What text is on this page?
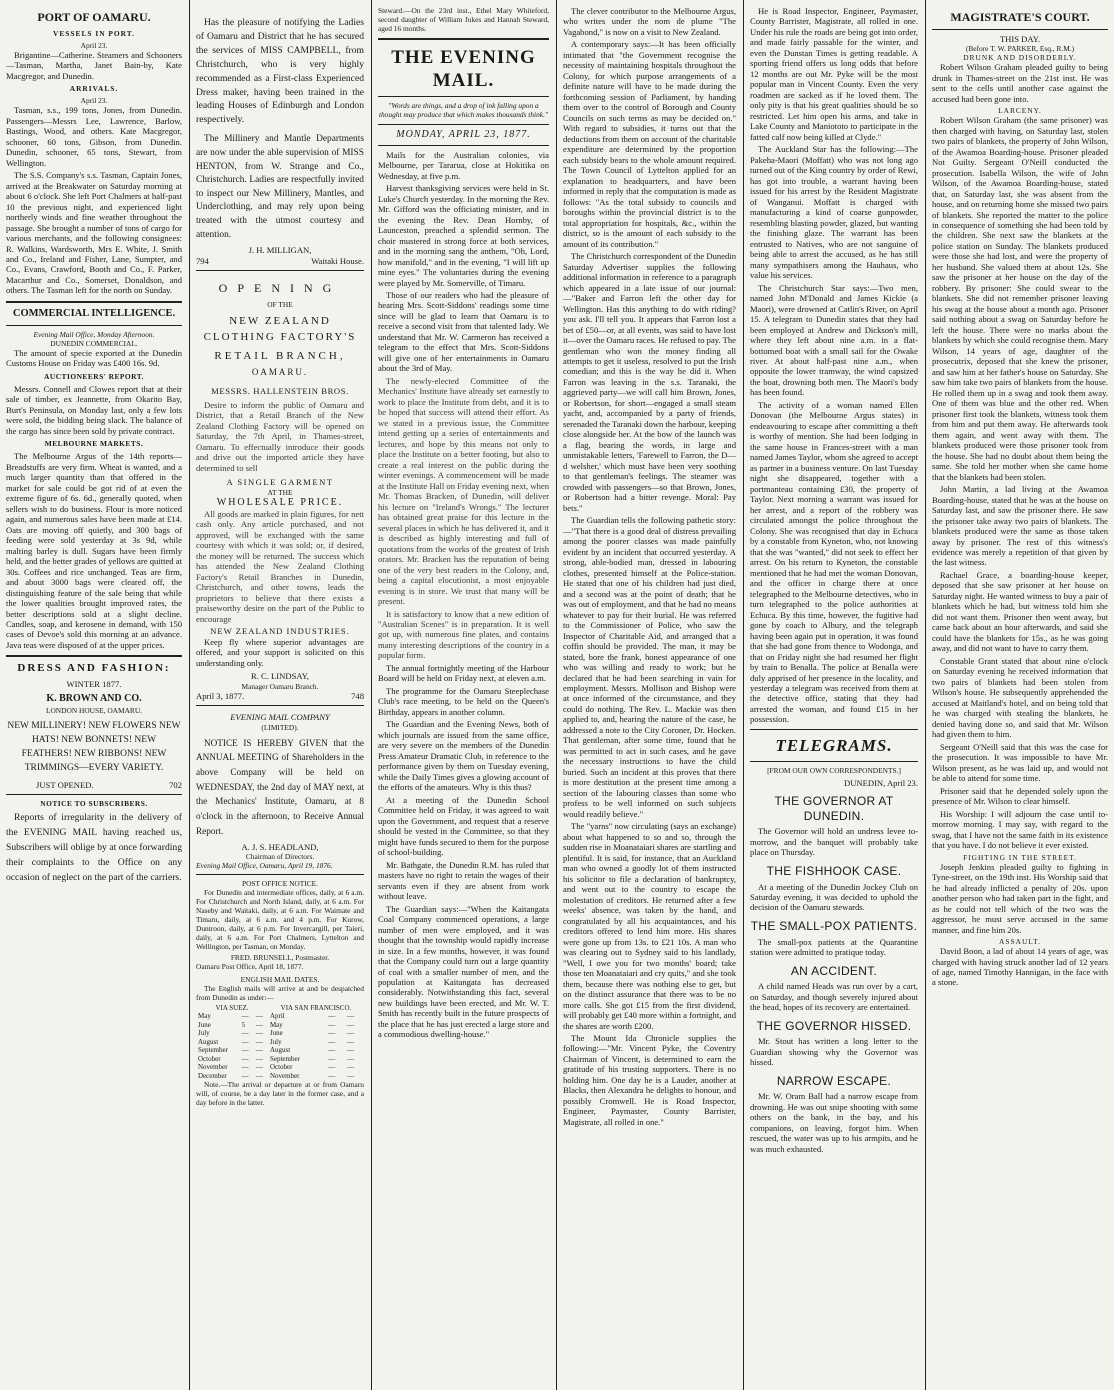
PORT OF OAMARU.
VESSELS IN PORT.
April 23.

Brigantine—Catherine. Steamers and Schooners—Tasman, Martha, Janet Bain-by, Kate Macgregor, and Dunedin.

ARRIVALS.
April 23.

Tasman, s.s., 199 tons, Jones, from Dunedin. Passengers—Messrs Lee, Lawrence, Barlow, Bastings, Wood, and others. Kate Macgregor, schooner, 60 tons, Gibson, from Dunedin. Dunedin, schooner, 65 tons, Stewart, from Wellington.

The S.S. Company's s.s. Tasman, Captain Jones, arrived at the Breakwater on Saturday morning at about 6 o'clock. She left Port Chalmers at half-past 10 the previous night, and experienced light northerly winds and fine weather throughout the passage. She brought a number of tons of cargo for various merchants, and the following consignees: R. Walkins, Wardsworth, Mrs E. White, J. Smith and Co., Ireland and Fisher, Lane, Sumpter, and Co., Evans, Crawford, Booth and Co., F. Parker, Macarthur and Co., Somerset, Donaldson, and others. The Tasman left for the north on Sunday.

COMMERCIAL INTELLIGENCE.
Evening Mail Office, Monday Afternoon.
DUNEDIN COMMERCIAL.

The amount of specie exported at the Dunedin Customs House on Friday was £400 16s. 9d.

AUCTIONEERS' REPORT.

Messrs. Connell and Clowes report that at their sale of timber, ex Jeannette, from Okarito Bay, Burt's Peninsula, on Monday last, only a few lots were sold, the bidding being slack. The balance of the cargo has since been sold by private contract.

MELBOURNE MARKETS.

The Melbourne Argus of the 14th reports—Breadstuffs are very firm. Wheat is wanted, and a much larger quantity than that offered in the market for sale could be got rid of at even the extreme figure of 6s. 6d., generally quoted, when sellers wish to do business. Flour is more noticed again, and numerous sales have been made at £14. Oats are moving off quietly, and 300 bags of feeding were sold yesterday at 3s 9d, while malting barley is dull. Sugars have been firmly held, and the better grades of yellows are quitted at 30s. Coffees and rice unchanged. Teas are firm, and about 3000 bags were cleared off, the distinguishing feature of the sale being that while the lower qualities brought improved rates, the better descriptions sold at a slight decline. Candles, soap, and kerosene in demand, with 150 cases of Devoe's sold this morning at an advance. Java teas were disposed of at the upper prices.

DRESS AND FASHION:
WINTER 1877.
K. BROWN AND CO.
LONDON HOUSE, OAMARU.
NEW MILLINERY! NEW FLOWERS NEW HATS! NEW BONNETS! NEW FEATHERS! NEW RIBBONS! NEW TRIMMINGS—EVERY VARIETY.
JUST OPENED.	702
NOTICE TO SUBSCRIBERS.

Reports of irregularity in the delivery of the EVENING MAIL having reached us, Subscribers will oblige by at once forwarding their complaints to the Office on any occasion of neglect on the part of the carriers.

Has the pleasure of notifying the Ladies of Oamaru and District that he has secured the services of MISS CAMPBELL, from Christchurch, who is very highly recommended as a First-class Experienced Dress maker, having been trained in the leading Houses of Edinburgh and London respectively.

The Millinery and Mantle Departments are now under the able supervision of MISS HENTON, from W. Strange and Co., Christchurch. Ladies are respectfully invited to inspect our New Millinery, Mantles, and Underclothing, and may rely upon being treated with the utmost courtesy and attention.

J. H. MILLIGAN,
794	Waitaki House.
OPENING
OF THE
NEW ZEALAND CLOTHING FACTORY'S
RETAIL BRANCH,
OAMARU.
MESSRS. HALLENSTEIN BROS.

Desire to inform the public of Oamaru and District, that a Retail Branch of the New Zealand Clothing Factory will be opened on Saturday, the 7th April, in Thames-street, Oamaru. To effectually introduce their goods and drive out the imported article they have determined to sell

A SINGLE GARMENT
AT THE
WHOLESALE PRICE.

All goods are marked in plain figures, for nett cash only. Any article purchased, and not approved, will be exchanged with the same courtesy with which it was sold; or, if desired, the money will be returned. The success which has attended the New Zealand Clothing Factory's Retail Branches in Dunedin, Christchurch, and other towns, leads the proprietors to believe that there exists a praiseworthy desire on the part of the Public to encourage

NEW ZEALAND INDUSTRIES.

Keep fly where superior advantages are offered, and your support is solicited on this understanding only.

R. C. LINDSAY,
Manager Oamaru Branch.
April 3, 1877.	748
EVENING MAIL COMPANY
(LIMITED).

NOTICE IS HEREBY GIVEN that the ANNUAL MEETING of Shareholders in the above Company will be held on WEDNESDAY, the 2nd day of MAY next, at the Mechanics' Institute, Oamaru, at 8 o'clock in the afternoon, to Receive Annual Report.

A. J. S. HEADLAND,
Chairman of Directors.
Evening Mail Office, Oamaru, April 19, 1876.
POST OFFICE NOTICE.

For Dunedin and intermediate offices, daily, at 6 a.m. For Christchurch and North Island, daily, at 6 a.m. For Naseby and Waitaki, daily, at 6 a.m. For Waimate and Timaru, daily, at 6 a.m. and 4 p.m. For Kurow, Duntroon, daily, at 6 p.m. For Invercargill, per Taieri, daily, at 6 a.m. For Port Chalmers, Lyttelton and Wellington, per Tasman, on Monday.

FRED. BRUNSELL, Postmaster.
Oamaru Post Office, April 18, 1877.
ENGLISH MAIL DATES.

The English mails will arrive at and be despatched from Dunedin as under:—

VIA SUEZ.			VIA SAN FRANCISCO.		
May	—	—	April	—	—
June	5	—	May	—	—
July	—	—	June	—	—
August	—	—	July	—	—
September	—	—	August	—	—
October	—	—	September	—	—
November	—	—	October	—	—
December	—	—	November	—	—

Note.—The arrival or departure at or from Oamaru will, of course, be a day later in the former case, and a day before in the latter.

Steward.—On the 23rd inst., Ethel Mary Whiteford, second daughter of William Jukes and Hannah Steward, aged 16 months.

THE EVENING MAIL.
"Words are things, and a drop of ink falling upon a thought may produce that which makes thousands think."
MONDAY, APRIL 23, 1877.

Mails for the Australian colonies, via Melbourne, per Tararua, close at Hokitika on Wednesday, at five p.m.

Harvest thanksgiving services were held in St. Luke's Church yesterday. In the morning the Rev. Mr. Gifford was the officiating minister, and in the evening the Rev. Dean Hornby, of Launceston, preached a splendid sermon. The choir mustered in strong force at both services, and in the morning sang the anthem, "Oh, Lord, how manifold," and in the evening, "I will lift up mine eyes." The voluntaries during the evening were played by Mr. Somerville, of Timaru.

Those of our readers who had the pleasure of hearing Mrs. Scott-Siddons' readings some time since will be glad to learn that Oamaru is to receive a second visit from that talented lady. We understand that Mr. W. Carmeron has received a telegram to the effect that Mrs. Scott-Siddons will give one of her entertainments in Oamaru about the 3rd of May.

The newly-elected Committee of the Mechanics' Institute have already set earnestly to work to place the Institute from debt, and it is to be hoped that success will attend their effort. As we stated in a previous issue, the Committee intend getting up a series of entertainments and lectures, and hope by this means not only to place the Institute on a better footing, but also to create a real interest on the public during the winter evenings. A commencement will be made at the Institute Hall on Friday evening next, when Mr. Thomas Bracken, of Dunedin, will deliver his lecture on "Ireland's Wrongs." The lecturer has obtained great praise for this lecture in the several places in which he has delivered it, and it is described as highly interesting and full of quotations from the works of the greatest of Irish orators. Mr. Bracken has the reputation of being one of the very best readers in the Colony, and, being a capital elocutionist, a most enjoyable evening is in store. We trust that many will be present.

It is satisfactory to know that a new edition of "Australian Scenes" is in preparation. It is well got up, with numerous fine plates, and contains many interesting descriptions of the country in a popular form.

The annual fortnightly meeting of the Harbour Board will be held on Friday next, at eleven a.m.

The programme for the Oamaru Steeplechase Club's race meeting, to be held on the Queen's Birthday, appears in another column.

The Guardian and the Evening News, both of which journals are issued from the same office, are very severe on the members of the Dunedin Press Amateur Dramatic Club, in reference to the performance given by them on Tuesday evening, while the Daily Times gives a glowing account of the efforts of the amateurs. Why is this thus?

At a meeting of the Dunedin School Committee held on Friday, it was agreed to wait upon the Government, and request that a reserve should be vested in the Committee, so that they might have funds secured to them for the purpose of school-building.

Mr. Bathgate, the Dunedin R.M. has ruled that masters have no right to retain the wages of their servants even if they are absent from work without leave.

The Guardian says:—"When the Kaitangata Coal Company commenced operations, a large number of men were employed, and it was thought that the township would rapidly increase in size. In a few months, however, it was found that the Company could turn out a large quantity of coal with a smaller number of men, and the population at Kaitangata has decreased considerably. Notwithstanding this fact, several new buildings have been erected, and Mr. W. T. Smith has recently built in the future prospects of the place that he has just erected a large store and a commodious dwelling-house."

The clever contributor to the Melbourne Argus, who writes under the nom de plume "The Vagabond," is now on a visit to New Zealand.

A contemporary says:—It has been officially intimated that "the Government recognise the necessity of maintaining hospitals throughout the Colony, for which purpose arrangements of a definite nature will have to be made during the forthcoming session of Parliament, by handing them over to the control of Borough and County Councils on such terms as may be decided on." With regard to subsidies, it turns out that the deductions from them on account of the charitable expenditure are determined by the proportion each subsidy bears to the whole amount required. The Town Council of Lyttelton applied for an explanation to headquarters, and have been informed in reply that the computation is made as follows: "As the total subsidy to councils and boroughs within the provincial district is to the total appropriation for hospitals, &c., within the district, so is the amount of each subsidy to the amount of its contribution."

The Christchurch correspondent of the Dunedin Saturday Advertiser supplies the following additional information in reference to a paragraph which appeared in a late issue of our journal:—"Baker and Farron left the other day for Wellington. Has this anything to do with riding? you ask. I'll tell you. It appears that Farron lost a bet of £50—or, at all events, was said to have lost it—over the Oamaru races. He refused to pay. The gentleman who won the money finding all attempts to get it useless, resolved to put the Irish comedian; and this is the way he did it. When Farron was leaving in the s.s. Taranaki, the aggrieved party—we will call him Brown, Jones, or Robertson, for short—engaged a small steam yacht, and, accompanied by a party of friends, serenaded the Taranaki down the harbour, keeping close alongside her. At the bow of the launch was a flag, bearing the words, in large and unmistakable letters, 'Farewell to Farron, the D—d welsher,' which must have been very soothing to that gentleman's feelings. The steamer was crowded with passengers—so that Brown, Jones, or Robertson had a bitter revenge. Moral: Pay bets."

The Guardian tells the following pathetic story:—"That there is a good deal of distress prevailing among the poorer classes was made painfully evident by an incident that occurred yesterday. A strong, able-bodied man, dressed in labouring clothes, presented himself at the Police-station. He stated that one of his children had just died, and a second was at the point of death; that he was out of employment, and that he had no means whatever to pay for their burial. He was referred to the Commissioner of Police, who saw the Inspector of Charitable Aid, and arranged that a coffin should be provided. The man, it may be stated, bore the frank, honest appearance of one who was willing and ready to work; but he declared that he had been searching in vain for employment. Messrs. Mollison and Bishop were at once informed of the circumstance, and they could do nothing. The Rev. L. Mackie was then applied to, and, hearing the nature of the case, he addressed a note to the City Coroner, Dr. Hocken. That gentleman, after some time, found that he was permitted to act in such cases, and he gave the necessary instructions to have the child buried. Such an incident at this proves that there is more destitution at the present time among a section of the labouring classes than some who profess to be well informed on such subjects would readily believe."

The "yarns" now circulating (says an exchange) about what happened to so and so, through the sudden rise in Moanataiari shares are startling and plentiful. It is said, for instance, that an Auckland man who owned a goodly lot of them instructed his solicitor to file a declaration of bankruptcy, and went out to the country to escape the molestation of creditors. He returned after a few weeks' absence, was taken by the hand, and congratulated by all his acquaintances, and his creditors offered to lend him more. His shares were gone up from 13s. to £21 10s. A man who was clearing out to Sydney said to his landlady, "Well, I owe you for two months' board; take those ten Moanataiari and cry quits," and she took them, because there was nothing else to get, but on the distinct assurance that there was to be no more calls. She got £15 from the first dividend, will probably get £40 more within a fortnight, and the shares are worth £200.

The Mount Ida Chronicle supplies the following:—"Mr. Vincent Pyke, the Coventry Chairman of Vincent, is determined to earn the gratitude of his trusting supporters. There is no holding him. One day he is a Lauder, another at Blacks, then Alexandra he delights to honour, and possibly Cromwell. He is Road Inspector, Engineer, Paymaster, County Barrister, Magistrate, all rolled in one."

He is Road Inspector, Engineer, Paymaster, County Barrister, Magistrate, all rolled in one. Under his rule the roads are being got into order, and made fairly passable for the winter, and even the Dunstan Times is getting readable. A sporting friend offers us long odds that before 12 months are out Mr. Pyke will be the most popular man in Vincent County. Even the very roadmen are sacked as if he loved them. The only pity is that his great qualities should be so restricted. Let him open his arms, and take in Lake County and Maniototo to participate in the fatted calf now being killed at Clyde."

The Auckland Star has the following:—The Pakeha-Maori (Moffatt) who was not long ago turned out of the King country by order of Rewi, has got into trouble, a warrant having been issued for his arrest by the Resident Magistrate of Wanganui. Moffatt is charged with manufacturing a kind of coarse gunpowder, resembling blasting powder, glazed, but wanting the finishing glaze. The warrant has been entrusted to Natives, who are not sanguine of being able to arrest the accused, as he has still many sympathisers among the Hauhaus, who value his services.

The Christchurch Star says:—Two men, named John M'Donald and James Kickie (a Maori), were drowned at Catlin's River, on April 15. A telegram to Dunedin states that they had been employed at Andrew and Dickson's mill, where they left about nine a.m. in a flat-bottomed boat with a small sail for the Owake river. At about half-past nine a.m., when opposite the lower tramway, the wind capsized the boat, drowning both men. The Maori's body has been found.

The activity of a woman named Ellen Donovan (the Melbourne Argus states) in endeavouring to escape after committing a theft is worthy of mention. She had been lodging in the same house in Frances-street with a man named James Taylor, whom she agreed to accept as partner in a business venture. On last Tuesday night she disappeared, together with a portmanteau containing £30, the property of Taylor. Next morning a warrant was issued for her arrest, and a report of the robbery was circulated amongst the police throughout the Colony. She was recognised that day in Echuca by a constable from Kyneton, who, not knowing that she was "wanted," did not seek to effect her arrest. On his return to Kyneton, the constable mentioned that he had met the woman Donovan, and the officer in charge there at once telegraphed to the Melbourne detectives, who in turn telegraphed to the police authorities at Echuca. By this time, however, the fugitive had gone by coach to Albury, and the telegraph having been again put in operation, it was found that she had gone from thence to Wodonga, and that on Friday night she had resumed her flight by train to Benalla. The police at Benalla were duly apprised of her presence in the locality, and yesterday a telegram was received from them at the detective office, stating that they had arrested the woman, and found £15 in her possession.

TELEGRAMS.
[FROM OUR OWN CORRESPONDENTS.]
DUNEDIN, April 23.
THE GOVERNOR AT DUNEDIN.

The Governor will hold an undress levee to-morrow, and the banquet will probably take place on Thursday.

THE FISHHOOK CASE.

At a meeting of the Dunedin Jockey Club on Saturday evening, it was decided to uphold the decision of the Oamaru stewards.

THE SMALL-POX PATIENTS.

The small-pox patients at the Quarantine station were admitted to pratique today.

AN ACCIDENT.

A child named Heads was run over by a cart, on Saturday, and though severely injured about the head, hopes of its recovery are entertained.

THE GOVERNOR HISSED.

Mr. Stout has written a long letter to the Guardian showing why the Governor was hissed.

NARROW ESCAPE.

Mr. W. Oram Ball had a narrow escape from drowning. He was out snipe shooting with some others on the bank, in the bay, and his companions, on leaving, forgot him. When rescued, the water was up to his armpits, and he was much exhausted.

MAGISTRATE'S COURT.
THIS DAY.
(Before T. W. PARKER, Esq., R.M.)
DRUNK AND DISORDERLY.

Robert Wilson Graham pleaded guilty to being drunk in Thames-street on the 21st inst. He was sent to the cells until another case against the accused had been gone into.

LARCENY.

Robert Wilson Graham (the same prisoner) was then charged with having, on Saturday last, stolen two pairs of blankets, the property of John Wilson, of the Awamoa Boarding-house. Prisoner pleaded Not Guilty. Sergeant O'Neill conducted the prosecution. Isabella Wilson, the wife of John Wilson, of the Awamoa Boarding-house, stated that, on Saturday last, she was absent from the house, and on returning home she missed two pairs of blankets. She reported the matter to the police in consequence of something she had been told by the children. She next saw the blankets at the police station on Sunday. The blankets produced were those she had lost, and were the property of her husband. She valued them at about 12s. She saw the prisoner at her house on the day of the robbery. By prisoner: She could swear to the blankets. She did not remember prisoner leaving his swag at the house about a month ago. Prisoner said nothing about a swag on Saturday before he left the house. There were no marks about the blankets by which she could recognise them. Mary Wilson, 14 years of age, daughter of the prosecutrix, deposed that she knew the prisoner, and saw him at her father's house on Saturday. She saw him take two pairs of blankets from the house. He rolled them up in a swag and took them away. One of them was blue and the other red. When prisoner first took the blankets, witness took them from him and put them away. He afterwards took them again, and went away with them. The blankets produced were those prisoner took from the house. She had no doubt about them being the same. She told her mother when she came home that the blankets had been stolen.

John Martin, a lad living at the Awamoa Boarding-house, stated that he was at the house on Saturday last, and saw the prisoner there. He saw the prisoner take away two pairs of blankets. The blankets produced were the same as those taken away by prisoner. The rest of this witness's evidence was merely a repetition of that given by the last witness.

Rachael Grace, a boarding-house keeper, deposed that she saw prisoner at her house on Saturday night. He wanted witness to buy a pair of blankets which he had, but witness told him she did not want them. Prisoner then went away, but came back about an hour afterwards, and said she could have the blankets for 15s., as he was going away, and did not want to have to carry them.

Constable Grant stated that about nine o'clock on Saturday evening he received information that two pairs of blankets had been stolen from Wilson's house. He subsequently apprehended the accused at Maitland's hotel, and on being told that he was charged with stealing the blankets, he denied having done so, and said that Mr. Wilson had given them to him.

Sergeant O'Neill said that this was the case for the prosecution. It was impossible to have Mr. Wilson present, as he was laid up, and would not be able to attend for some time.

Prisoner said that he depended solely upon the presence of Mr. Wilson to clear himself.

His Worship: I will adjourn the case until to-morrow morning. I may say, with regard to the swag, that I have not the same faith in its existence that you have. I do not believe it ever existed.

FIGHTING IN THE STREET.

Joseph Jenkins pleaded guilty to fighting in Tyne-street, on the 19th inst. His Worship said that he had already inflicted a penalty of 20s. upon another person who had taken part in the fight, and as he could not tell which of the two was the aggressor, he must serve accused in the same manner, and fine him 20s.

ASSAULT.

David Boon, a lad of about 14 years of age, was charged with having struck another lad of 12 years of age, named Timothy Hannigan, in the face with a stone.
